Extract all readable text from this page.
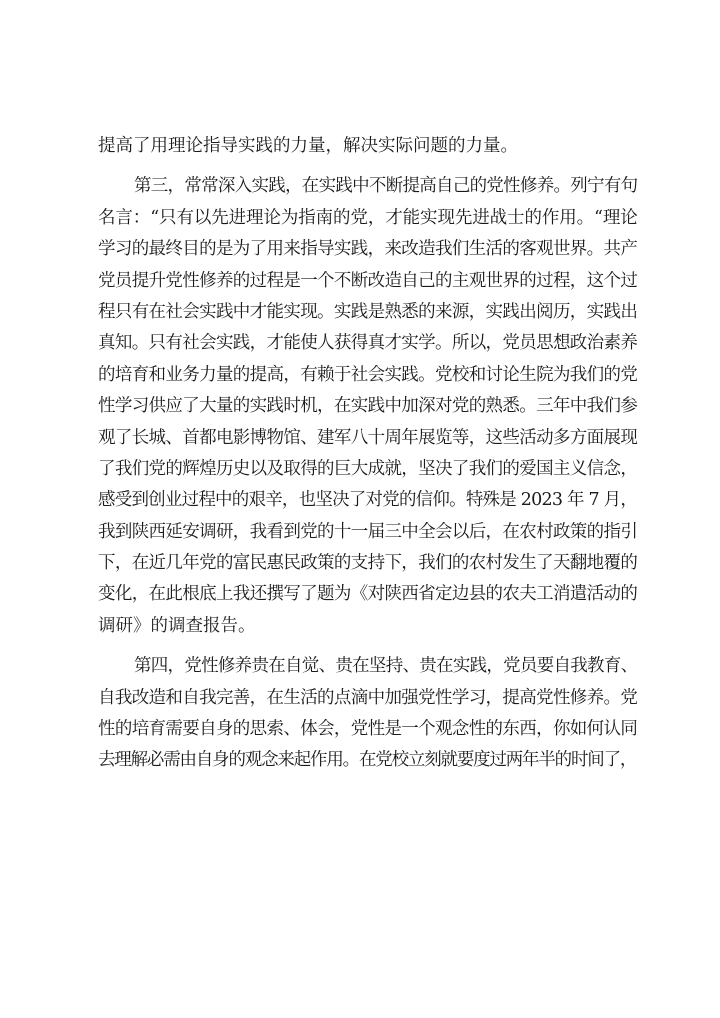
提高了用理论指导实践的力量，解决实际问题的力量。
第三，常常深入实践，在实践中不断提高自己的党性修养。列宁有句
名言：“只有以先进理论为指南的党，才能实现先进战士的作用。“理论
学习的最终目的是为了用来指导实践，来改造我们生活的客观世界。共产
党员提升党性修养的过程是一个不断改造自己的主观世界的过程，这个过
程只有在社会实践中才能实现。实践是熟悉的来源，实践出阅历，实践出
真知。只有社会实践，才能使人获得真才实学。所以，党员思想政治素养
的培育和业务力量的提高，有赖于社会实践。党校和讨论生院为我们的党
性学习供应了大量的实践时机，在实践中加深对党的熟悉。三年中我们参
观了长城、首都电影博物馆、建军八十周年展览等，这些活动多方面展现
了我们党的辉煌历史以及取得的巨大成就，坚决了我们的爱国主义信念，
感受到创业过程中的艰辛，也坚决了对党的信仰。特殊是 2023 年 7 月，
我到陕西延安调研，我看到党的十一届三中全会以后，在农村政策的指引
下，在近几年党的富民惠民政策的支持下，我们的农村发生了天翻地覆的
变化，在此根底上我还撰写了题为《对陕西省定边县的农夫工消遣活动的
调研》的调查报告。
第四，党性修养贵在自觉、贵在坚持、贵在实践，党员要自我教育、
自我改造和自我完善，在生活的点滴中加强党性学习，提高党性修养。党
性的培育需要自身的思索、体会，党性是一个观念性的东西，你如何认同
去理解必需由自身的观念来起作用。在党校立刻就要度过两年半的时间了，
